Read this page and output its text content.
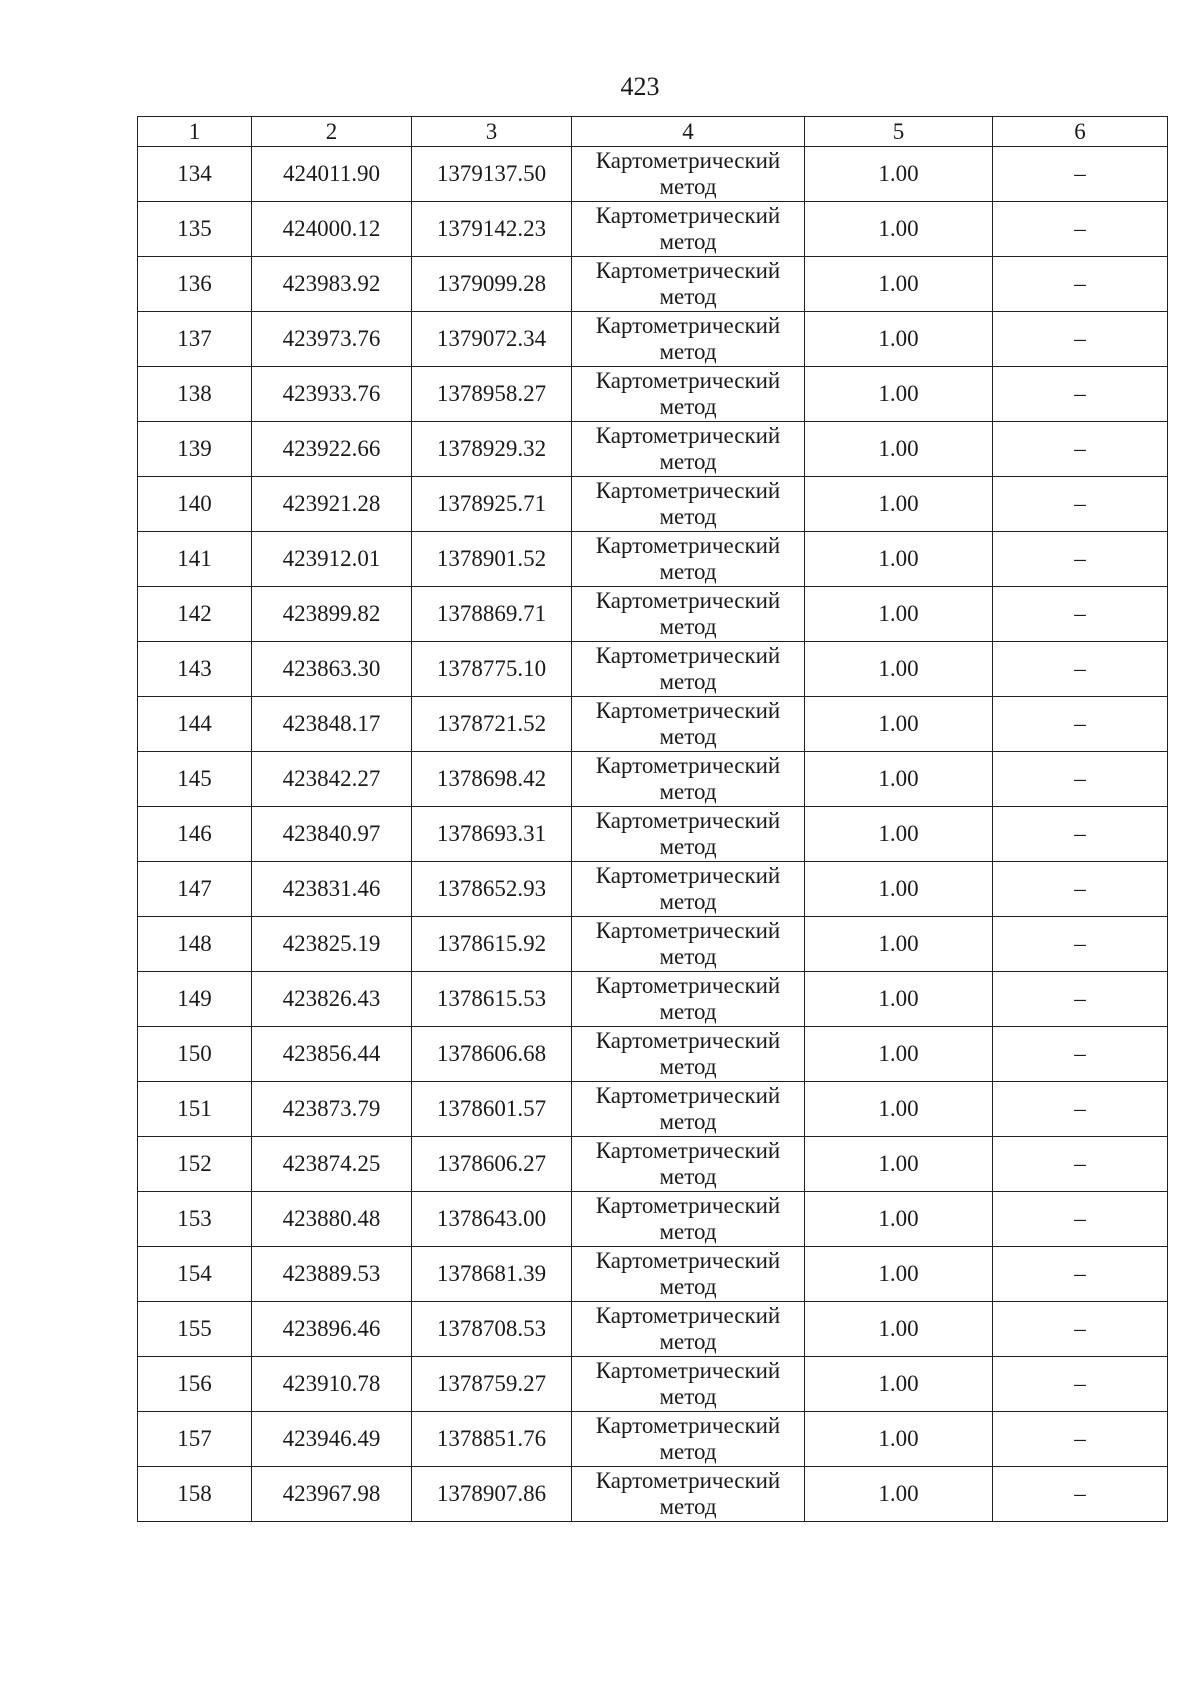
423
1	2	3	4	5	6
134	424011.90	1379137.50	Картометрический метод	1.00	–
135	424000.12	1379142.23	Картометрический метод	1.00	–
136	423983.92	1379099.28	Картометрический метод	1.00	–
137	423973.76	1379072.34	Картометрический метод	1.00	–
138	423933.76	1378958.27	Картометрический метод	1.00	–
139	423922.66	1378929.32	Картометрический метод	1.00	–
140	423921.28	1378925.71	Картометрический метод	1.00	–
141	423912.01	1378901.52	Картометрический метод	1.00	–
142	423899.82	1378869.71	Картометрический метод	1.00	–
143	423863.30	1378775.10	Картометрический метод	1.00	–
144	423848.17	1378721.52	Картометрический метод	1.00	–
145	423842.27	1378698.42	Картометрический метод	1.00	–
146	423840.97	1378693.31	Картометрический метод	1.00	–
147	423831.46	1378652.93	Картометрический метод	1.00	–
148	423825.19	1378615.92	Картометрический метод	1.00	–
149	423826.43	1378615.53	Картометрический метод	1.00	–
150	423856.44	1378606.68	Картометрический метод	1.00	–
151	423873.79	1378601.57	Картометрический метод	1.00	–
152	423874.25	1378606.27	Картометрический метод	1.00	–
153	423880.48	1378643.00	Картометрический метод	1.00	–
154	423889.53	1378681.39	Картометрический метод	1.00	–
155	423896.46	1378708.53	Картометрический метод	1.00	–
156	423910.78	1378759.27	Картометрический метод	1.00	–
157	423946.49	1378851.76	Картометрический метод	1.00	–
158	423967.98	1378907.86	Картометрический метод	1.00	–
